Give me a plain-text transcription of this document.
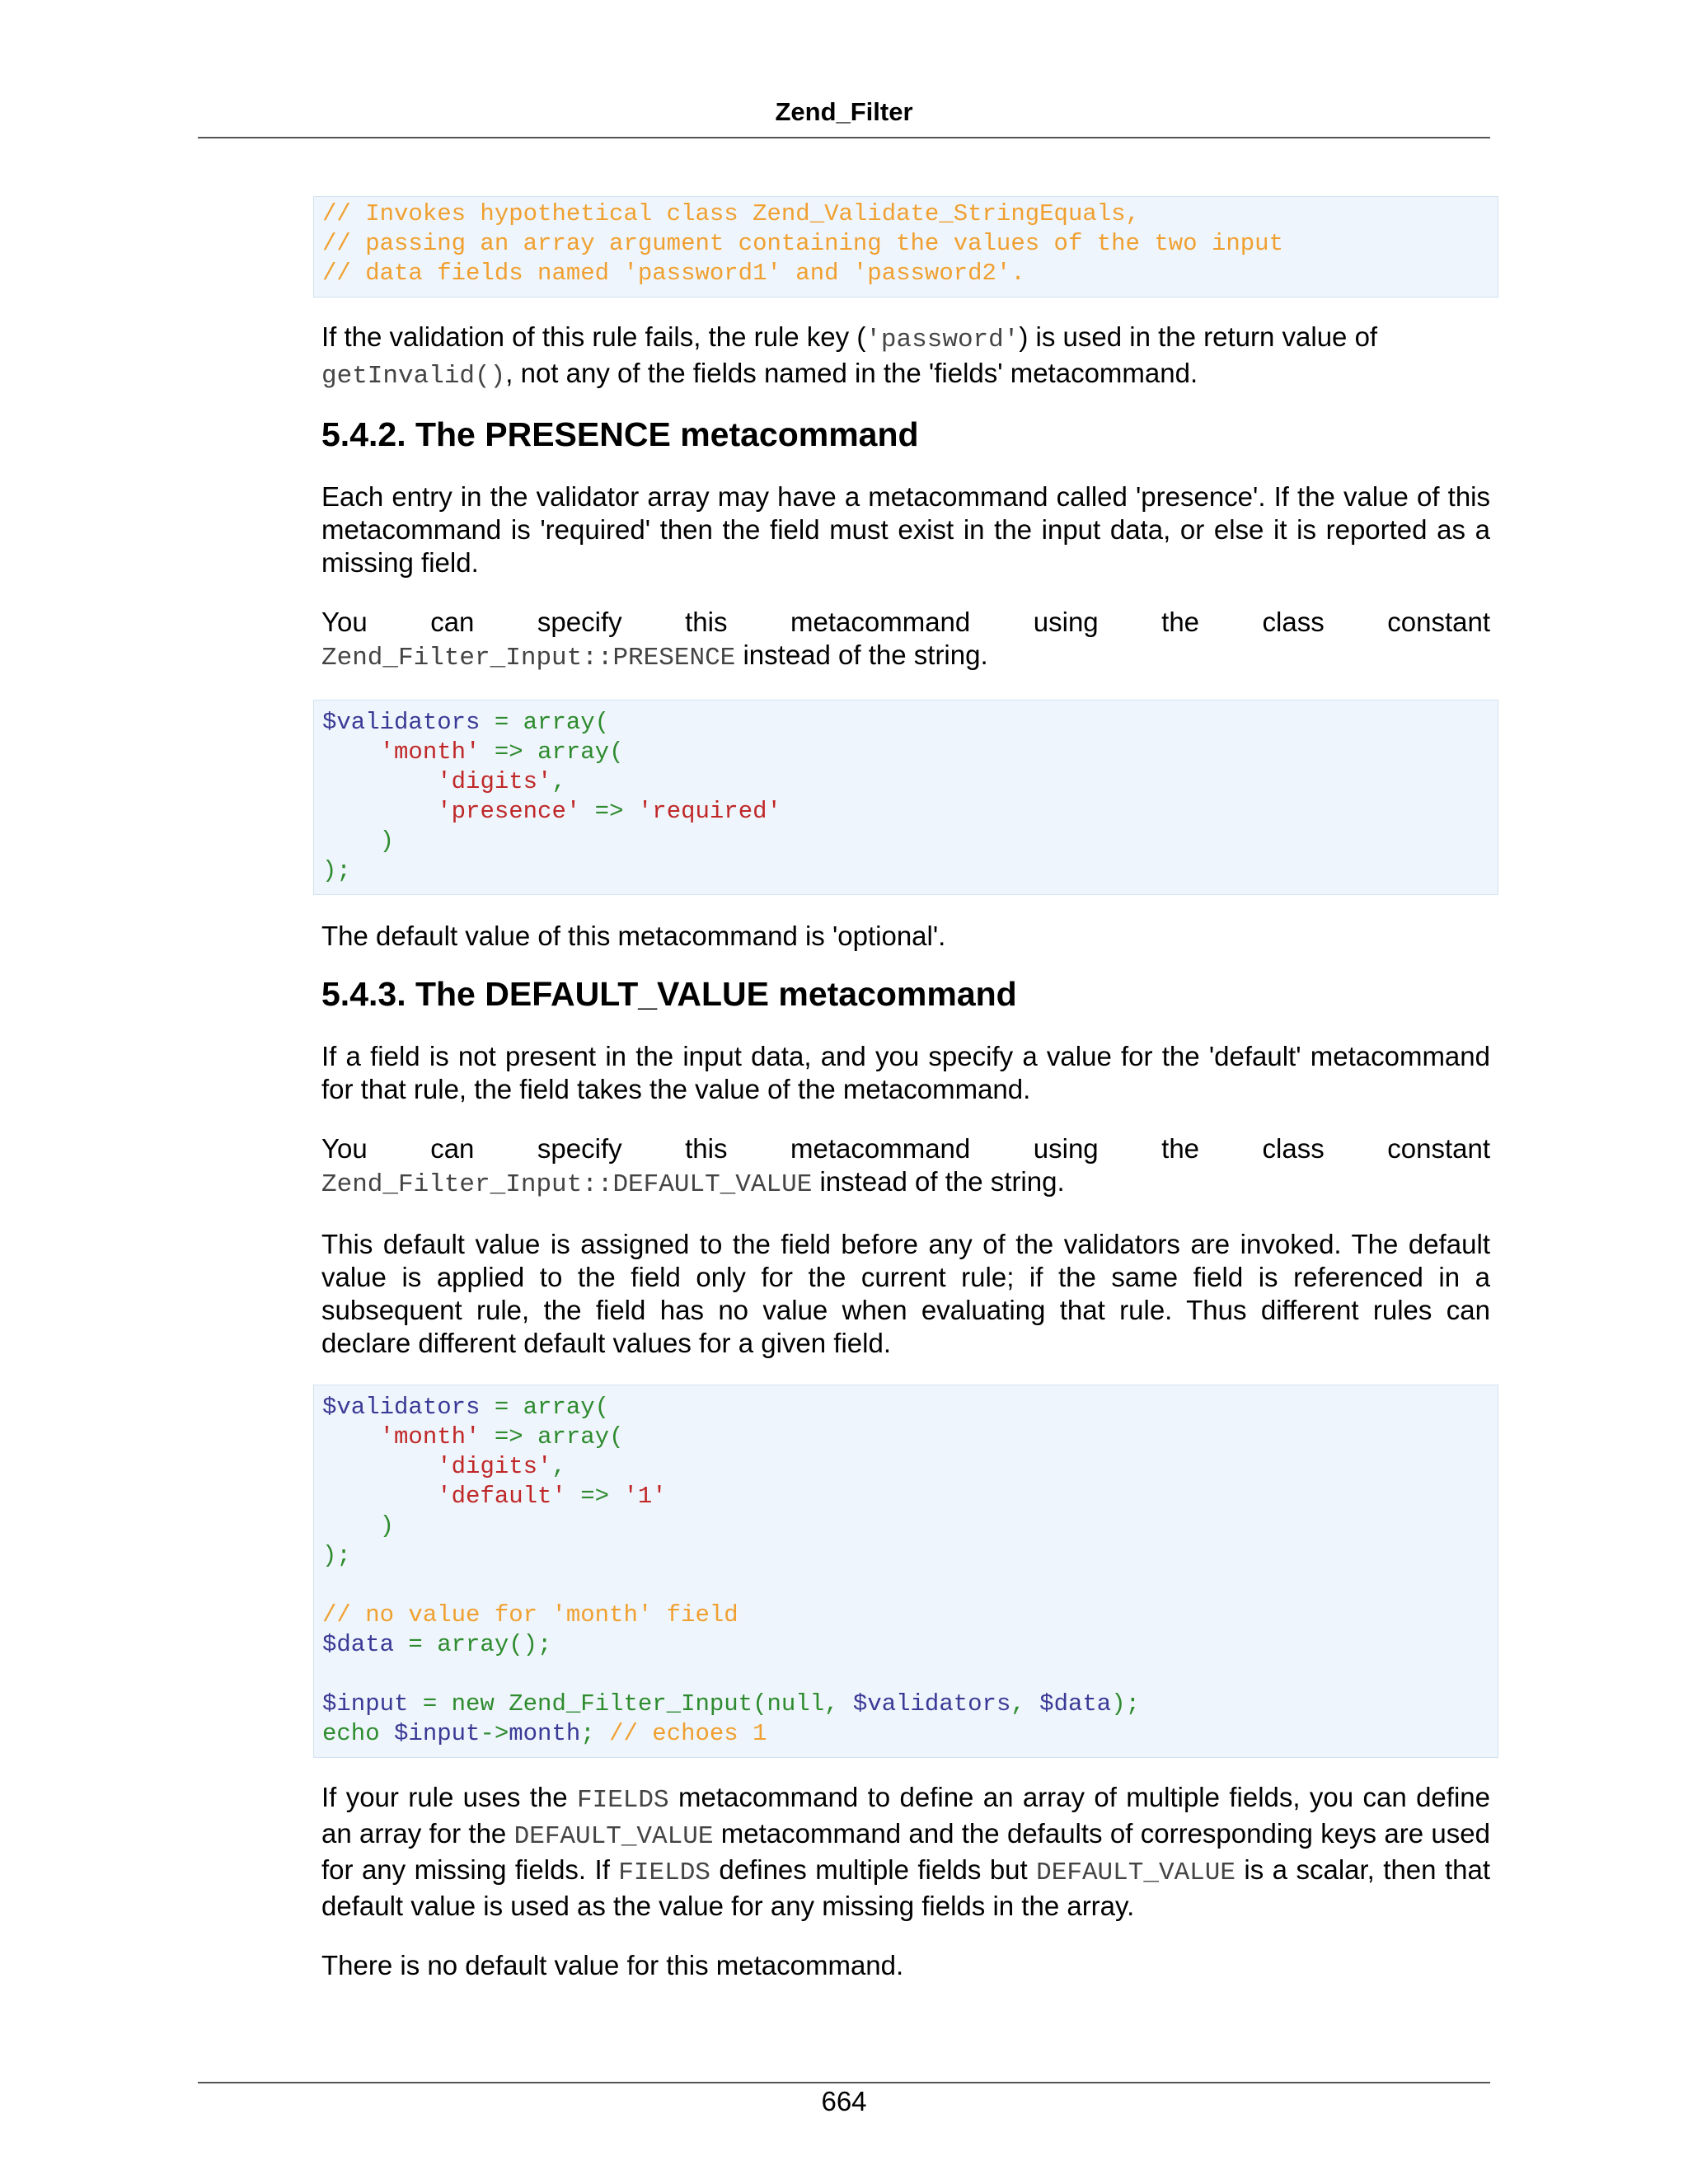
Zend_Filter
// Invokes hypothetical class Zend_Validate_StringEquals,
// passing an array argument containing the values of the two input
// data fields named 'password1' and 'password2'.

If the validation of this rule fails, the rule key ('password') is used in the return value of
getInvalid(), not any of the fields named in the 'fields' metacommand.

5.4.2. The PRESENCE metacommand

Each entry in the validator array may have a metacommand called 'presence'. If the value of this metacommand is 'required' then the field must exist in the input data, or else it is reported as a missing field.

You can specify this metacommand using the class constant
Zend_Filter_Input::PRESENCE instead of the string.

$validators = array(
'month' => array(
'digits',
'presence' => 'required'
)
);

The default value of this metacommand is 'optional'.

5.4.3. The DEFAULT_VALUE metacommand

If a field is not present in the input data, and you specify a value for the 'default' metacommand for that rule, the field takes the value of the metacommand.

You can specify this metacommand using the class constant
Zend_Filter_Input::DEFAULT_VALUE instead of the string.

This default value is assigned to the field before any of the validators are invoked. The default value is applied to the field only for the current rule; if the same field is referenced in a subsequent rule, the field has no value when evaluating that rule. Thus different rules can declare different default values for a given field.

$validators = array(
'month' => array(
'digits',
'default' => '1'
)
);
// no value for 'month' field
$data = array();
$input = new Zend_Filter_Input(null, $validators, $data);
echo $input->month; // echoes 1

If your rule uses the FIELDS metacommand to define an array of multiple fields, you can define an array for the DEFAULT_VALUE metacommand and the defaults of corresponding keys are used for any missing fields. If FIELDS defines multiple fields but DEFAULT_VALUE is a scalar, then that default value is used as the value for any missing fields in the array.

There is no default value for this metacommand.

664
